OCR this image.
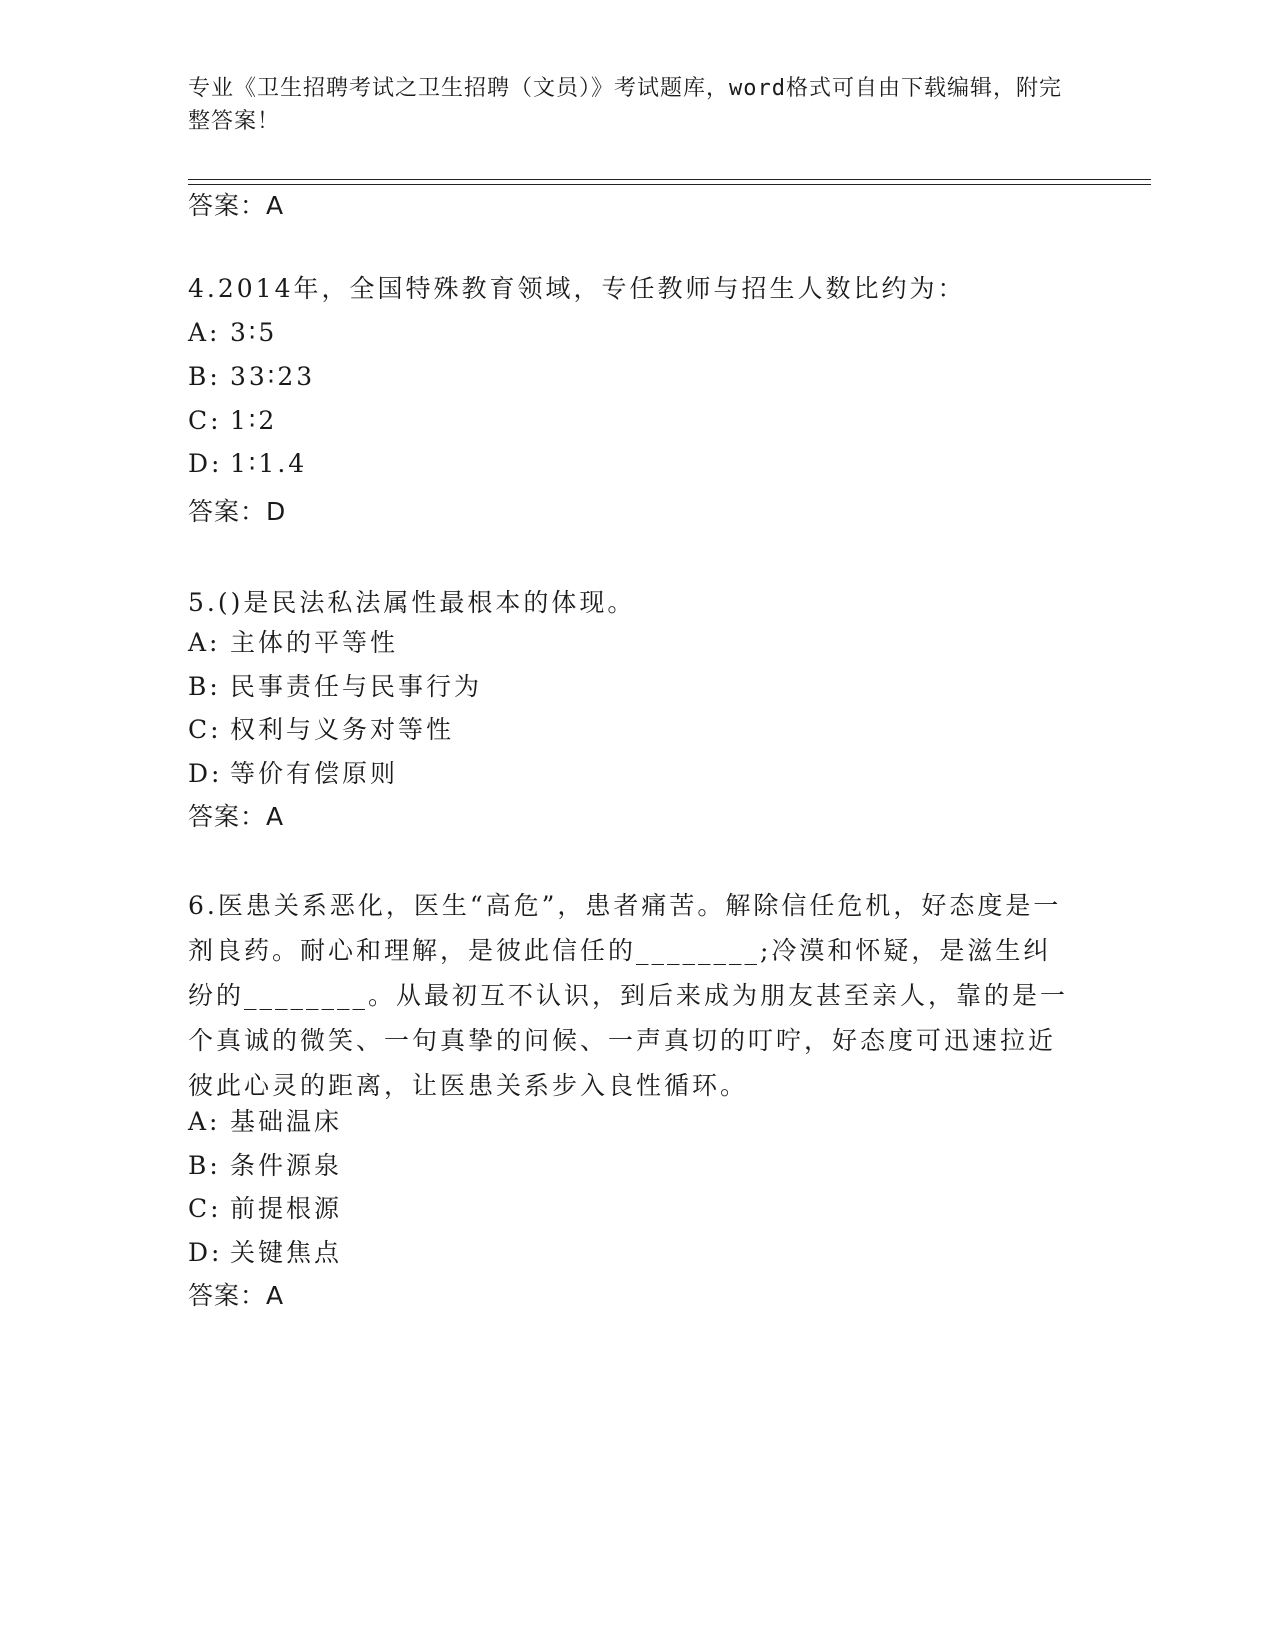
专业《卫生招聘考试之卫生招聘（文员）》考试题库，word格式可自由下载编辑，附完整答案！
答案：A
4.2014年，全国特殊教育领域，专任教师与招生人数比约为：
A: 3∶5
B: 33∶23
C: 1∶2
D: 1∶1.4
答案：D
5.()是民法私法属性最根本的体现。
A: 主体的平等性
B: 民事责任与民事行为
C: 权利与义务对等性
D: 等价有偿原则
答案：A
6.医患关系恶化，医生“高危”，患者痛苦。解除信任危机，好态度是一剂良药。耐心和理解，是彼此信任的________;冷漠和怀疑，是滋生纠纷的________。从最初互不认识，到后来成为朋友甚至亲人，靠的是一个真诚的微笑、一句真挚的问候、一声真切的叮咛，好态度可迅速拉近彼此心灵的距离，让医患关系步入良性循环。
A: 基础温床
B: 条件源泉
C: 前提根源
D: 关键焦点
答案：A
